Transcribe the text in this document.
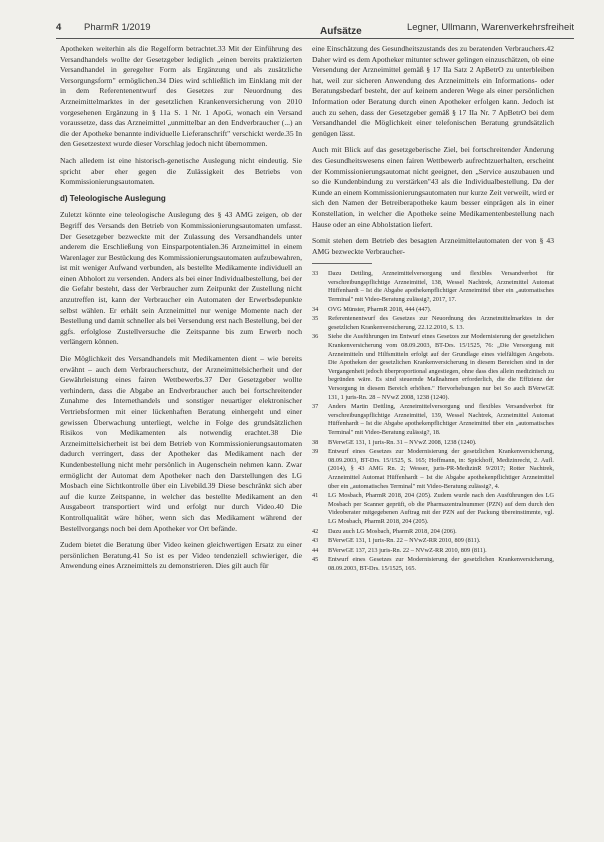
4 PharmR 1/2019	Aufsätze	Legner, Ullmann, Warenverkehrsfreiheit

Apotheken weiterhin als die Regelform betrachtet.33 Mit der Einführung des Versandhandels wollte der Gesetzgeber lediglich „einen bereits praktizierten Versandhandel in geregelter Form als Ergänzung und als zusätzliche Versorgungsform" ermöglichen.34 Dies wird schließlich im Einklang mit der in dem Referentenentwurf des Gesetzes zur Neuordnung des Arzneimittelmarktes in der gesetzlichen Krankenversicherung von 2010 vorgesehenen Ergänzung in § 11a S. 1 Nr. 1 ApoG, wonach ein Versand voraussetze, dass das Arzneimittel „unmittelbar an den Endverbraucher (...) an die der Apotheke benannte individuelle Lieferanschrift" verschickt werde.35 In den Gesetzestext wurde dieser Vorschlag jedoch nicht übernommen.

Nach alledem ist eine historisch-genetische Auslegung nicht eindeutig. Sie spricht aber eher gegen die Zulässigkeit des Betriebs von Kommissionierungsautomaten.

d) Teleologische Auslegung

Zuletzt könnte eine teleologische Auslegung des § 43 AMG zeigen, ob der Begriff des Versands den Betrieb von Kommissionierungsautomaten umfasst. Der Gesetzgeber bezweckte mit der Zulassung des Versandhandels unter anderem die Erschließung von Einsparpotentialen.36 Arzneimittel in einem Warenlager zur Bestückung des Kommissionierungsautomaten aufzubewahren, ist mit weniger Aufwand verbunden, als bestellte Medikamente individuell an einen Abholort zu versenden. Anders als bei einer Individualbestellung, bei der die Gefahr besteht, dass der Verbraucher zum Zeitpunkt der Zustellung nicht anzutreffen ist, kann der Verbraucher ein Automaten der Erwerbsdepunkte selbst wählen. Er erhält sein Arzneimittel nur wenige Momente nach der Bestellung und damit schneller als bei Versendung erst nach Bestellung, bei der ggfs. erfolglose Zustellversuche die Zeitspanne bis zum Erwerb noch verlängern können.

Die Möglichkeit des Versandhandels mit Medikamenten dient – wie bereits erwähnt – auch dem Verbraucherschutz, der Arzneimittelsicherheit und der Gewährleistung eines fairen Wettbewerbs.37 Der Gesetzgeber wollte verhindern, dass die Abgabe an Endverbraucher auch bei fortschreitender Zunahme des Internethandels und sonstiger neuartiger elektronischer Vertriebsformen mit einer lückenhaften Beratung einhergeht und einer gewissen Überwachung unterliegt, welche in Folge des grundsätzlichen Risikos von Medikamenten als notwendig erachtet.38 Die Arzneimittelsicherheit ist bei dem Betrieb von Kommissionierungsautomaten dadurch verringert, dass der Apotheker das Medikament nach der Kundenbestellung nicht mehr persönlich in Augenschein nehmen kann. Zwar ermöglicht der Automat dem Apotheker nach den Darstellungen des LG Mosbach eine Sichtkontrolle über ein Livebild.39 Diese beschränkt sich aber auf die kurze Zeitspanne, in welcher das bestellte Medikament an den Ausgabeort transportiert wird und erfolgt nur durch Video.40 Die Kontrollqualität wäre höher, wenn sich das Medikament während der Bestellvorgangs noch bei dem Apotheker vor Ort befände.

Zudem bietet die Beratung über Video keinen gleichwertigen Ersatz zu einer persönlichen Beratung.41 So ist es per Video tendenziell schwieriger, die Anwendung eines Arzneimittels zu demonstrieren. Dies gilt auch für

eine Einschätzung des Gesundheitszustands des zu beratenden Verbrauchers.42 Daher wird es dem Apotheker mitunter schwer gelingen einzuschätzen, ob eine Versendung der Arzneimittel gemäß § 17 IIa Satz 2 ApBetrO zu unterbleiben hat, weil zur sicheren Anwendung des Arzneimittels ein Informations- oder Beratungsbedarf besteht, der auf keinem anderen Wege als einer persönlichen Information oder Beratung durch einen Apotheker erfolgen kann. Jedoch ist auch zu sehen, dass der Gesetzgeber gemäß § 17 IIa Nr. 7 ApBetrO bei dem Versandhandel die Möglichkeit einer telefonischen Beratung grundsätzlich genügen lässt.

Auch mit Blick auf das gesetzgeberische Ziel, bei fortschreitender Änderung des Gesundheitswesens einen fairen Wettbewerb aufrechtzuerhalten, erscheint der Kommissionierungsautomat nicht geeignet, den „Service auszubauen und so die Kundenbindung zu verstärken"43 als die Individualbestellung. Da der Kunde an einem Kommissionierungsautomaten nur kurze Zeit verweilt, wird er sich den Namen der Betreiberapotheke kaum besser einprägen als in einer Konstellation, in welcher die Apotheke seine Medikamentenbestellung nach Hause oder an eine Abholstation liefert.

Somit stehen dem Betrieb des besagten Arzneimittelautomaten der von § 43 AMG bezweckte Verbraucher-

33	Dazu Dettling, Arzneimittelversorgung und flexibles Versandverbot für verschreibungspflichtige Arzneimittel, 138, Wessel Nachtrek, Arzneimittel Automat Hüffenhardt – Ist die Abgabe apothekenpflichtiger Arzneimittel über ein „automatisches Terminal" mit Video-Beratung zulässig?, 2017, 17.
34	OVG Münster, PharmR 2018, 444 (447).
35	Referentenentwurf des Gesetzes zur Neuordnung des Arzneimittelmarktes in der gesetzlichen Krankenversicherung, 22.12.2010, S. 13.
36	Siehe die Ausführungen im Entwurf eines Gesetzes zur Modernisierung der gesetzlichen Krankenversicherung vom 08.09.2003, BT-Drs. 15/1525, 76: „Die Versorgung mit Arzneimitteln und Hilfsmitteln erfolgt auf der Grundlage eines vielfältigen Angebots. Die Apotheken der gesetzlichen Krankenversicherung in diesem Bereichen sind in der Vergangenheit jedoch überproportional angestiegen, ohne dass dies allein medizinisch zu begründen wäre. Es sind steuernde Maßnahmen erforderlich, die die Effizienz der Versorgung in diesem Bereich erhöhen." Hervorhebungen nur bei So auch BVerwGE 131, 1 juris-Rn. 28 – NVwZ 2008, 1238 (1240).
37	Anders Martin Dettling, Arzneimittelversorgung und flexibles Versandverbot für verschreibungspflichtige Arzneimittel, 139, Wessel Nachtrek, Arzneimittel Automat Hüffenhardt – Ist die Abgabe apothekenpflichtiger Arzneimittel über ein „automatisches Terminal" mit Video-Beratung zulässig?, 18.
38	BVerwGE 131, 1 juris-Rn. 31 – NVwZ 2008, 1238 (1240).
39	Entwurf eines Gesetzes zur Modernisierung der gesetzlichen Krankenversicherung, 08.09.2003, BT-Drs. 15/1525, S. 165; Hoffmann, in: Spickhoff, Medizinrecht, 2. Aufl. (2014), § 43 AMG Rn. 2; Wesser, juris-PR-MedizinR 9/2017; Rotter Nachtrek, Arzneimittel Automat Hüffenhardt – Ist die Abgabe apothekenpflichtiger Arzneimittel über ein „automatisches Terminal" mit Video-Beratung zulässig?, 4.
41	LG Mosbach, PharmR 2018, 204 (205). Zudem wurde nach den Ausführungen des LG Mosbach per Scanner geprüft, ob die Pharmazentralnummer (PZN) auf dem durch den Videoberater mitgegebenen Auftrag mit der PZN auf der Packung übereinstimmte, vgl. LG Mosbach, PharmR 2018, 204 (205).
42	Dazu auch LG Mosbach, PharmR 2018, 204 (206).
43	BVerwGE 131, 1 juris-Rn. 22 – NVwZ-RR 2010, 809 (811).
44	BVerwGE 137, 213 juris-Rn. 22 – NVwZ-RR 2010, 809 (811).
45	Entwurf eines Gesetzes zur Modernisierung der gesetzlichen Krankenversicherung, 08.09.2003, BT-Drs. 15/1525, 165.
